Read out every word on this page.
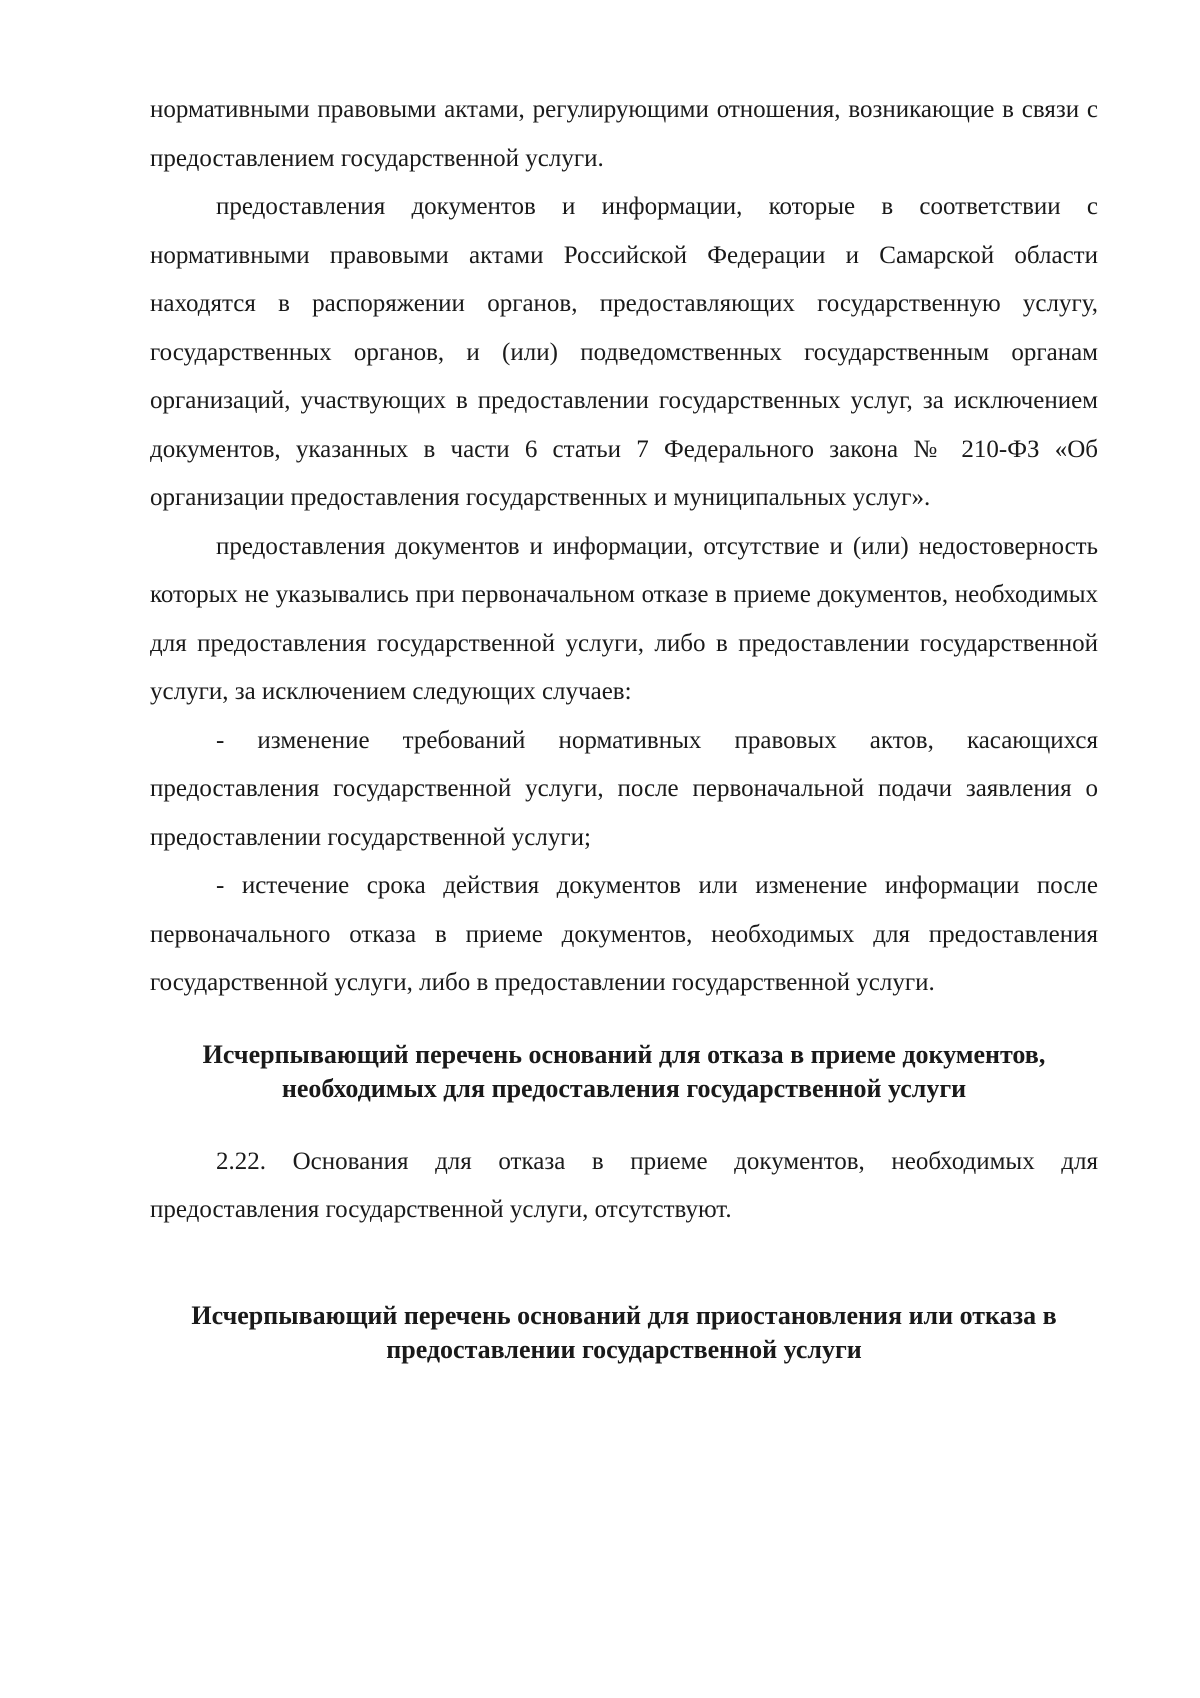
нормативными правовыми актами, регулирующими отношения, возникающие в связи с предоставлением государственной услуги.

предоставления документов и информации, которые в соответствии с нормативными правовыми актами Российской Федерации и Самарской области находятся в распоряжении органов, предоставляющих государственную услугу, государственных органов, и (или) подведомственных государственным органам организаций, участвующих в предоставлении государственных услуг, за исключением документов, указанных в части 6 статьи 7 Федерального закона № 210-ФЗ «Об организации предоставления государственных и муниципальных услуг».

предоставления документов и информации, отсутствие и (или) недостоверность которых не указывались при первоначальном отказе в приеме документов, необходимых для предоставления государственной услуги, либо в предоставлении государственной услуги, за исключением следующих случаев:

- изменение требований нормативных правовых актов, касающихся предоставления государственной услуги, после первоначальной подачи заявления о предоставлении государственной услуги;

- истечение срока действия документов или изменение информации после первоначального отказа в приеме документов, необходимых для предоставления государственной услуги, либо в предоставлении государственной услуги.

Исчерпывающий перечень оснований для отказа в приеме документов, необходимых для предоставления государственной услуги

2.22. Основания для отказа в приеме документов, необходимых для предоставления государственной услуги, отсутствуют.

Исчерпывающий перечень оснований для приостановления или отказа в предоставлении государственной услуги
